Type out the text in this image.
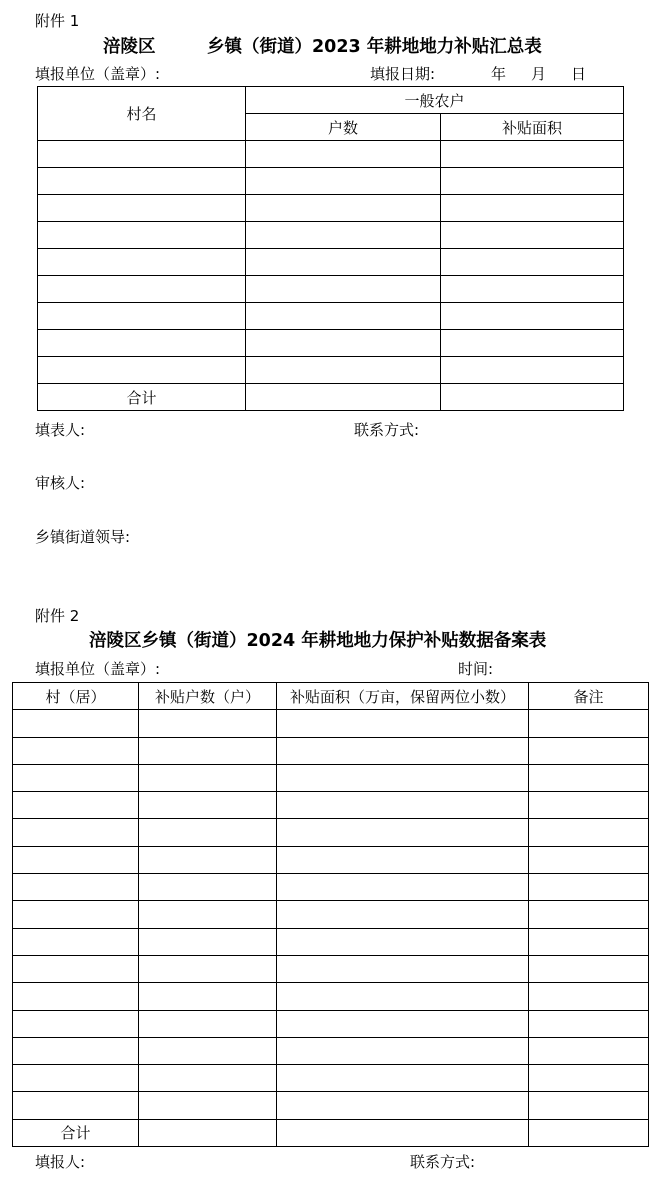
附件 1
涪陵区	乡镇（街道）2023 年耕地地力补贴汇总表
填报单位（盖章）:	填报日期:	年 月 日
村名	一般农户	
	户数	补贴面积

合计		
填表人:	联系方式:
审核人:
乡镇街道领导:
附件 2
涪陵区乡镇（街道）2024 年耕地地力保护补贴数据备案表
填报单位（盖章）:	时间:
村（居）	补贴户数（户）	补贴面积（万亩，保留两位小数）	备注

合计			
填报人:	联系方式:
